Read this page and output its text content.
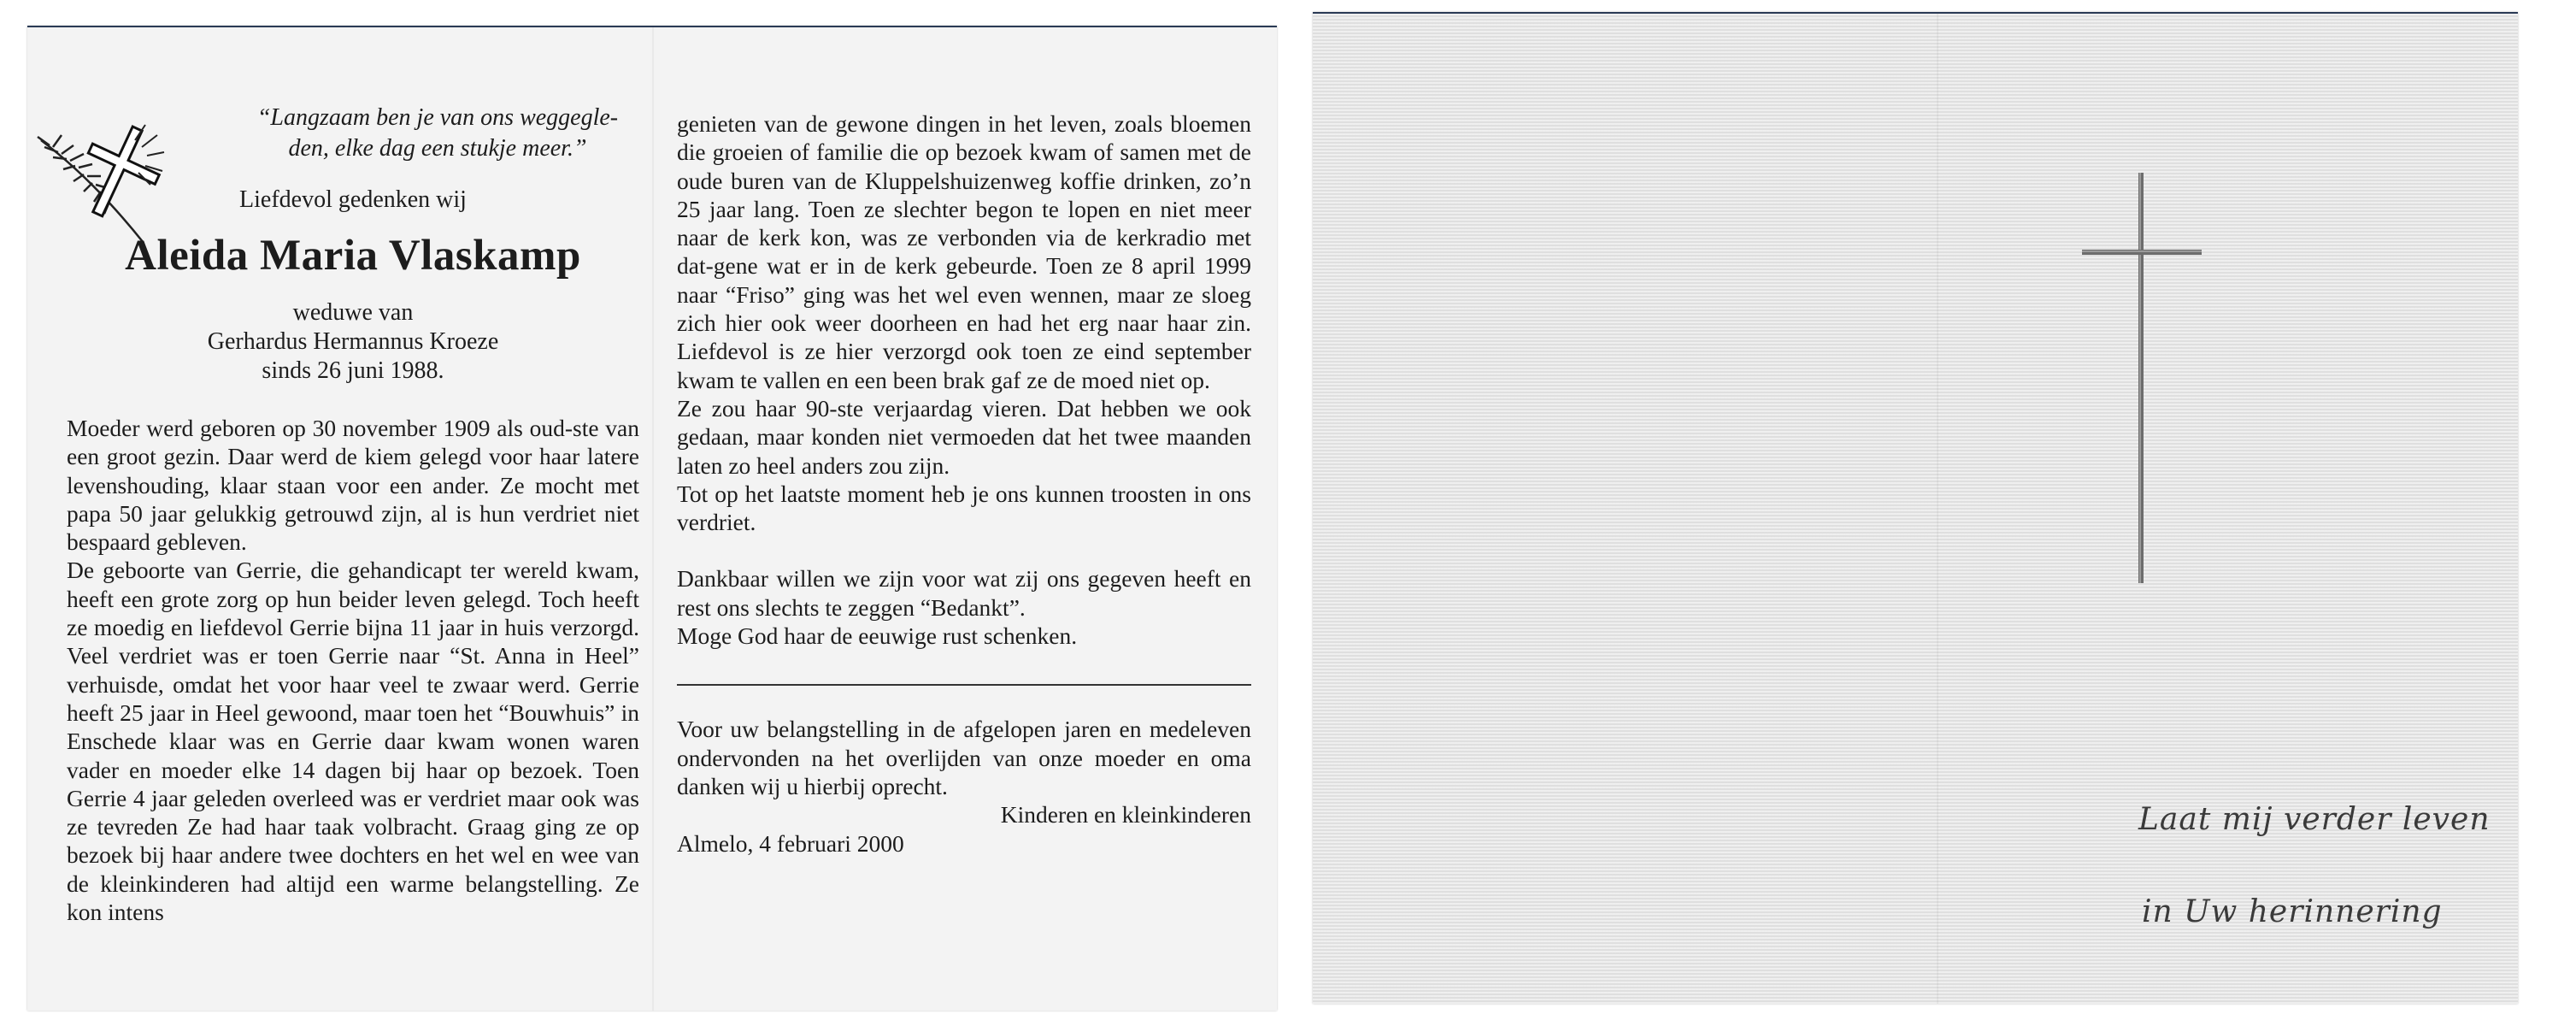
“Langzaam ben je van ons weggegle-
den, elke dag een stukje meer.”
Liefdevol gedenken wij
Aleida Maria Vlaskamp
weduwe van
Gerhardus Hermannus Kroeze
sinds 26 juni 1988.

Moeder werd geboren op 30 november 1909 als oud-ste van een groot gezin. Daar werd de kiem gelegd voor haar latere levenshouding, klaar staan voor een ander. Ze mocht met papa 50 jaar gelukkig getrouwd zijn, al is hun verdriet niet bespaard gebleven.

De geboorte van Gerrie, die gehandicapt ter wereld kwam, heeft een grote zorg op hun beider leven gelegd. Toch heeft ze moedig en liefdevol Gerrie bijna 11 jaar in huis verzorgd. Veel verdriet was er toen Gerrie naar “St. Anna in Heel” verhuisde, omdat het voor haar veel te zwaar werd. Gerrie heeft 25 jaar in Heel gewoond, maar toen het “Bouwhuis” in Enschede klaar was en Gerrie daar kwam wonen waren vader en moeder elke 14 dagen bij haar op bezoek. Toen Gerrie 4 jaar geleden overleed was er verdriet maar ook was ze tevreden Ze had haar taak volbracht. Graag ging ze op bezoek bij haar andere twee dochters en het wel en wee van de kleinkinderen had altijd een warme belangstelling. Ze kon intens

genieten van de gewone dingen in het leven, zoals bloemen die groeien of familie die op bezoek kwam of samen met de oude buren van de Kluppelshuizenweg koffie drinken, zo’n 25 jaar lang. Toen ze slechter begon te lopen en niet meer naar de kerk kon, was ze verbonden via de kerkradio met dat-gene wat er in de kerk gebeurde. Toen ze 8 april 1999 naar “Friso” ging was het wel even wennen, maar ze sloeg zich hier ook weer doorheen en had het erg naar haar zin. Liefdevol is ze hier verzorgd ook toen ze eind september kwam te vallen en een been brak gaf ze de moed niet op.

Ze zou haar 90-ste verjaardag vieren. Dat hebben we ook gedaan, maar konden niet vermoeden dat het twee maanden laten zo heel anders zou zijn.

Tot op het laatste moment heb je ons kunnen troosten in ons verdriet.

Dankbaar willen we zijn voor wat zij ons gegeven heeft en rest ons slechts te zeggen “Bedankt”.

Moge God haar de eeuwige rust schenken.

Voor uw belangstelling in de afgelopen jaren en medeleven ondervonden na het overlijden van onze moeder en oma danken wij u hierbij oprecht.

Kinderen en kleinkinderen

Almelo, 4 februari 2000

Laat mij verder leven
in Uw herinnering
